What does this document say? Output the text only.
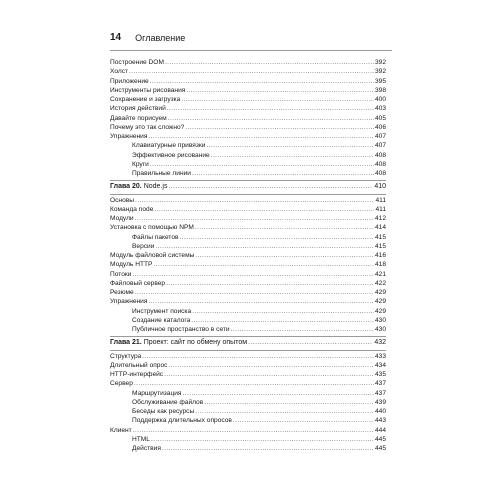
14 Оглавление
Построение DOM .....	392
Холст .....	392
Приложение .....	395
Инструменты рисования .....	398
Сохранение и загрузка .....	400
История действий .....	403
Давайте порисуем .....	405
Почему это так сложно? .....	406
Упражнения .....	407
Клавиатурные привязки .....	407
Эффективное рисование .....	408
Круги .....	408
Правильные линии .....	408
Глава 20. Node.js .....	410
Основы .....	411
Команда node .....	411
Модули .....	412
Установка с помощью NPM .....	414
Файлы пакетов .....	415
Версии .....	415
Модуль файловой системы .....	416
Модуль HTTP .....	418
Потоки .....	421
Файловый сервер .....	422
Резюме .....	429
Упражнения .....	429
Инструмент поиска .....	429
Создание каталога .....	430
Публичное пространство в сети .....	430
Глава 21. Проект: сайт по обмену опытом .....	432
Структура .....	433
Длительный опрос .....	434
HTTP-интерфейс .....	435
Сервер .....	437
Маршрутизация .....	437
Обслуживание файлов .....	439
Беседы как ресурсы .....	440
Поддержка длительных опросов .....	443
Клиент .....	444
HTML .....	445
Действия .....	445
